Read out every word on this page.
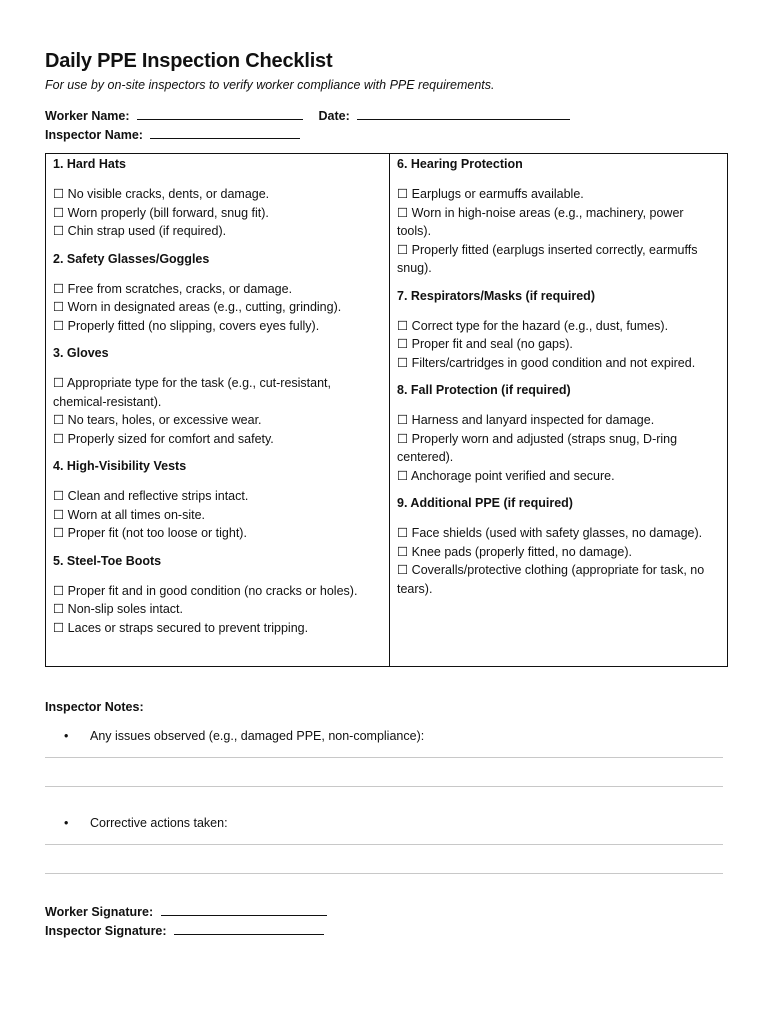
Daily PPE Inspection Checklist

For use by on-site inspectors to verify worker compliance with PPE requirements.

Worker Name:	Date:
Inspector Name:
1. Hard Hats
☐ No visible cracks, dents, or damage.
☐ Worn properly (bill forward, snug fit).
☐ Chin strap used (if required).
2. Safety Glasses/Goggles
☐ Free from scratches, cracks, or damage.
☐ Worn in designated areas (e.g., cutting, grinding).
☐ Properly fitted (no slipping, covers eyes fully).
3. Gloves
☐ Appropriate type for the task (e.g., cut-resistant, chemical-resistant).
☐ No tears, holes, or excessive wear.
☐ Properly sized for comfort and safety.
4. High-Visibility Vests
☐ Clean and reflective strips intact.
☐ Worn at all times on-site.
☐ Proper fit (not too loose or tight).
5. Steel-Toe Boots
☐ Proper fit and in good condition (no cracks or holes).
☐ Non-slip soles intact.
☐ Laces or straps secured to prevent tripping.
6. Hearing Protection
☐ Earplugs or earmuffs available.
☐ Worn in high-noise areas (e.g., machinery, power tools).
☐ Properly fitted (earplugs inserted correctly, earmuffs snug).
7. Respirators/Masks (if required)
☐ Correct type for the hazard (e.g., dust, fumes).
☐ Proper fit and seal (no gaps).
☐ Filters/cartridges in good condition and not expired.
8. Fall Protection (if required)
☐ Harness and lanyard inspected for damage.
☐ Properly worn and adjusted (straps snug, D-ring centered).
☐ Anchorage point verified and secure.
9. Additional PPE (if required)
☐ Face shields (used with safety glasses, no damage).
☐ Knee pads (properly fitted, no damage).
☐ Coveralls/protective clothing (appropriate for task, no tears).
Inspector Notes:
• Any issues observed (e.g., damaged PPE, non-compliance):
• Corrective actions taken:
Worker Signature:
Inspector Signature:
